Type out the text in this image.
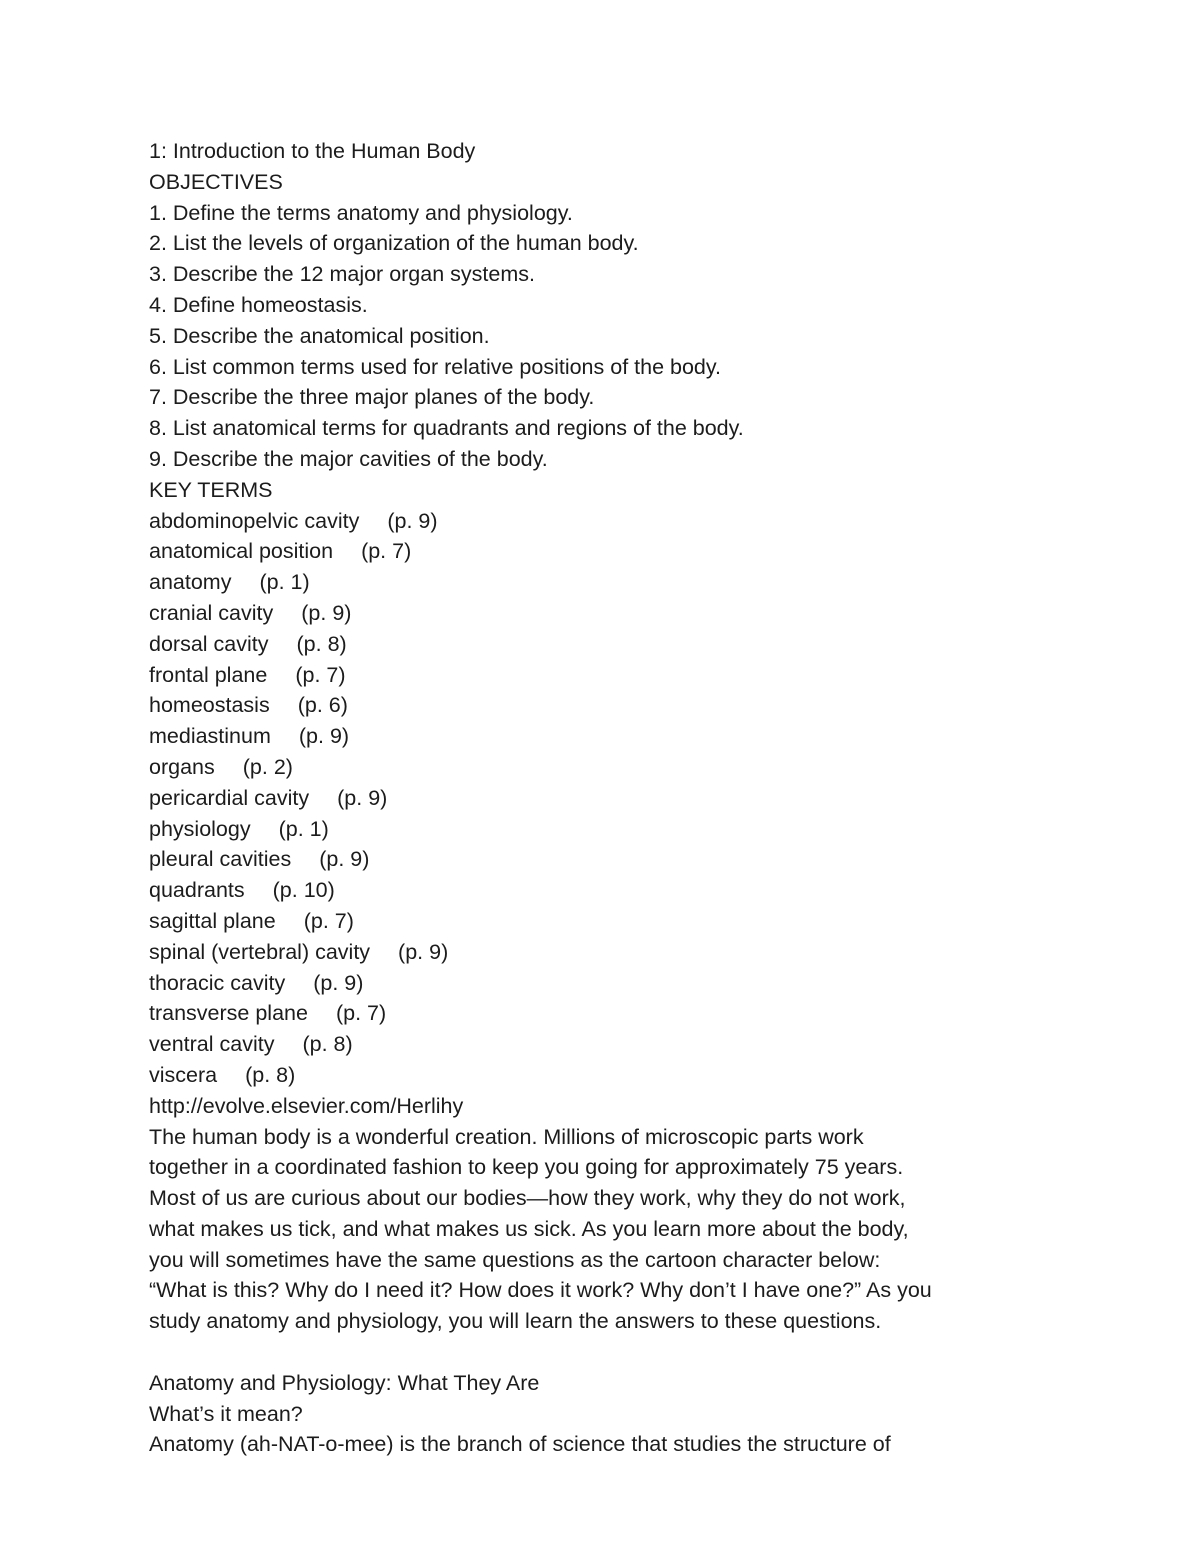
1: Introduction to the Human Body
OBJECTIVES
1. Define the terms anatomy and physiology.
2. List the levels of organization of the human body.
3. Describe the 12 major organ systems.
4. Define homeostasis.
5. Describe the anatomical position.
6. List common terms used for relative positions of the body.
7. Describe the three major planes of the body.
8. List anatomical terms for quadrants and regions of the body.
9. Describe the major cavities of the body.
KEY TERMS
abdominopelvic cavity (p. 9)
anatomical position (p. 7)
anatomy (p. 1)
cranial cavity (p. 9)
dorsal cavity (p. 8)
frontal plane (p. 7)
homeostasis (p. 6)
mediastinum (p. 9)
organs (p. 2)
pericardial cavity (p. 9)
physiology (p. 1)
pleural cavities (p. 9)
quadrants (p. 10)
sagittal plane (p. 7)
spinal (vertebral) cavity (p. 9)
thoracic cavity (p. 9)
transverse plane (p. 7)
ventral cavity (p. 8)
viscera (p. 8)
http://evolve.elsevier.com/Herlihy
The human body is a wonderful creation. Millions of microscopic parts work
together in a coordinated fashion to keep you going for approximately 75 years.
Most of us are curious about our bodies—how they work, why they do not work,
what makes us tick, and what makes us sick. As you learn more about the body,
you will sometimes have the same questions as the cartoon character below:
“What is this? Why do I need it? How does it work? Why don’t I have one?” As you
study anatomy and physiology, you will learn the answers to these questions.
Anatomy and Physiology: What They Are
What’s it mean?
Anatomy (ah-NAT-o-mee) is the branch of science that studies the structure of
